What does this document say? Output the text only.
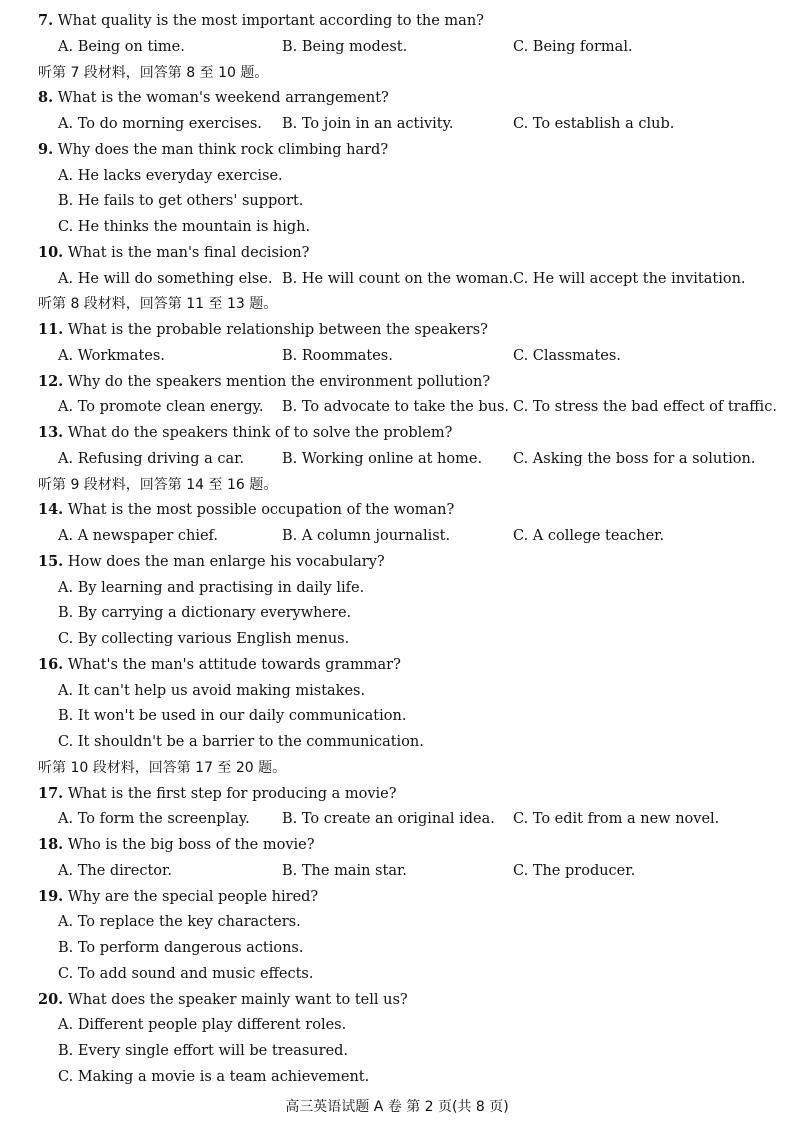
高三英语试题 A 卷 第 2 页(共 8 页)
7. What quality is the most important according to the man?
A. Being on time.	B. Being modest.	C. Being formal.
听第 7 段材料，回答第 8 至 10 题。
8. What is the woman's weekend arrangement?
A. To do morning exercises. B. To join in an activity.	C. To establish a club.
9. Why does the man think rock climbing hard?
A. He lacks everyday exercise.
B. He fails to get others' support.
C. He thinks the mountain is high.
10. What is the man's final decision?
A. He will do something else. B. He will count on the woman. C. He will accept the invitation.
听第 8 段材料，回答第 11 至 13 题。
11. What is the probable relationship between the speakers?
A. Workmates.	B. Roommates.	C. Classmates.
12. Why do the speakers mention the environment pollution?
A. To promote clean energy. B. To advocate to take the bus. C. To stress the bad effect of traffic.
13. What do the speakers think of to solve the problem?
A. Refusing driving a car.	B. Working online at home. C. Asking the boss for a solution.
听第 9 段材料，回答第 14 至 16 题。
14. What is the most possible occupation of the woman?
A. A newspaper chief.	B. A column journalist.	C. A college teacher.
15. How does the man enlarge his vocabulary?
A. By learning and practising in daily life.
B. By carrying a dictionary everywhere.
C. By collecting various English menus.
16. What's the man's attitude towards grammar?
A. It can't help us avoid making mistakes.
B. It won't be used in our daily communication.
C. It shouldn't be a barrier to the communication.
听第 10 段材料，回答第 17 至 20 题。
17. What is the first step for producing a movie?
A. To form the screenplay. B. To create an original idea. C. To edit from a new novel.
18. Who is the big boss of the movie?
A. The director.	B. The main star.	C. The producer.
19. Why are the special people hired?
A. To replace the key characters.
B. To perform dangerous actions.
C. To add sound and music effects.
20. What does the speaker mainly want to tell us?
A. Different people play different roles.
B. Every single effort will be treasured.
C. Making a movie is a team achievement.
